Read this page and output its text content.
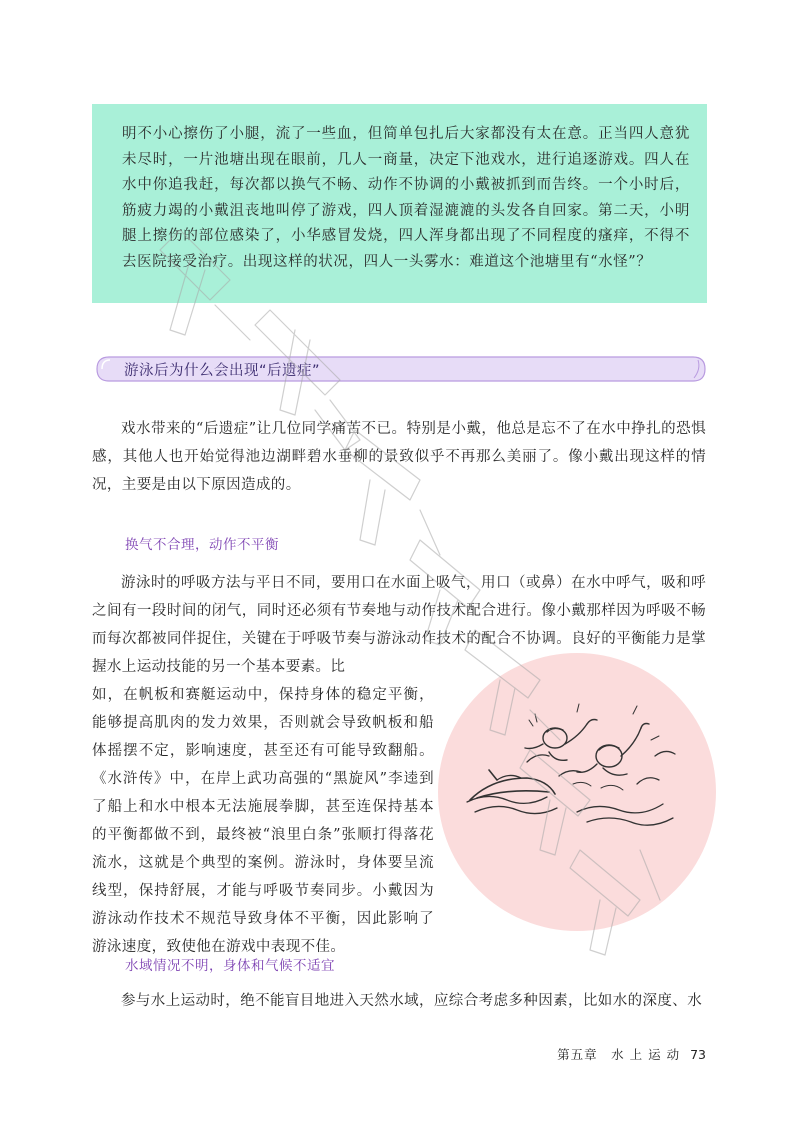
明不小心擦伤了小腿，流了一些血，但简单包扎后大家都没有太在意。正当四人意犹未尽时，一片池塘出现在眼前，几人一商量，决定下池戏水，进行追逐游戏。四人在水中你追我赶，每次都以换气不畅、动作不协调的小戴被抓到而告终。一个小时后，筋疲力竭的小戴沮丧地叫停了游戏，四人顶着湿漉漉的头发各自回家。第二天，小明腿上擦伤的部位感染了，小华感冒发烧，四人浑身都出现了不同程度的瘙痒，不得不去医院接受治疗。出现这样的状况，四人一头雾水：难道这个池塘里有“水怪”？

游泳后为什么会出现“后遗症”

戏水带来的“后遗症”让几位同学痛苦不已。特别是小戴，他总是忘不了在水中挣扎的恐惧感，其他人也开始觉得池边湖畔碧水垂柳的景致似乎不再那么美丽了。像小戴出现这样的情况，主要是由以下原因造成的。

换气不合理，动作不平衡

游泳时的呼吸方法与平日不同，要用口在水面上吸气，用口（或鼻）在水中呼气，吸和呼之间有一段时间的闭气，同时还必须有节奏地与动作技术配合进行。像小戴那样因为呼吸不畅而每次都被同伴捉住，关键在于呼吸节奏与游泳动作技术的配合不协调。良好的平衡能力是掌握水上运动技能的另一个基本要素。比

如，在帆板和赛艇运动中，保持身体的稳定平衡，能够提高肌肉的发力效果，否则就会导致帆板和船体摇摆不定，影响速度，甚至还有可能导致翻船。《水浒传》中，在岸上武功高强的“黑旋风”李逵到了船上和水中根本无法施展拳脚，甚至连保持基本的平衡都做不到，最终被“浪里白条”张顺打得落花流水，这就是个典型的案例。游泳时，身体要呈流线型，保持舒展，才能与呼吸节奏同步。小戴因为游泳动作技术不规范导致身体不平衡，因此影响了游泳速度，致使他在游戏中表现不佳。

水域情况不明，身体和气候不适宜

参与水上运动时，绝不能盲目地进入天然水域，应综合考虑多种因素，比如水的深度、水

第五章　水 上 运 动 73
